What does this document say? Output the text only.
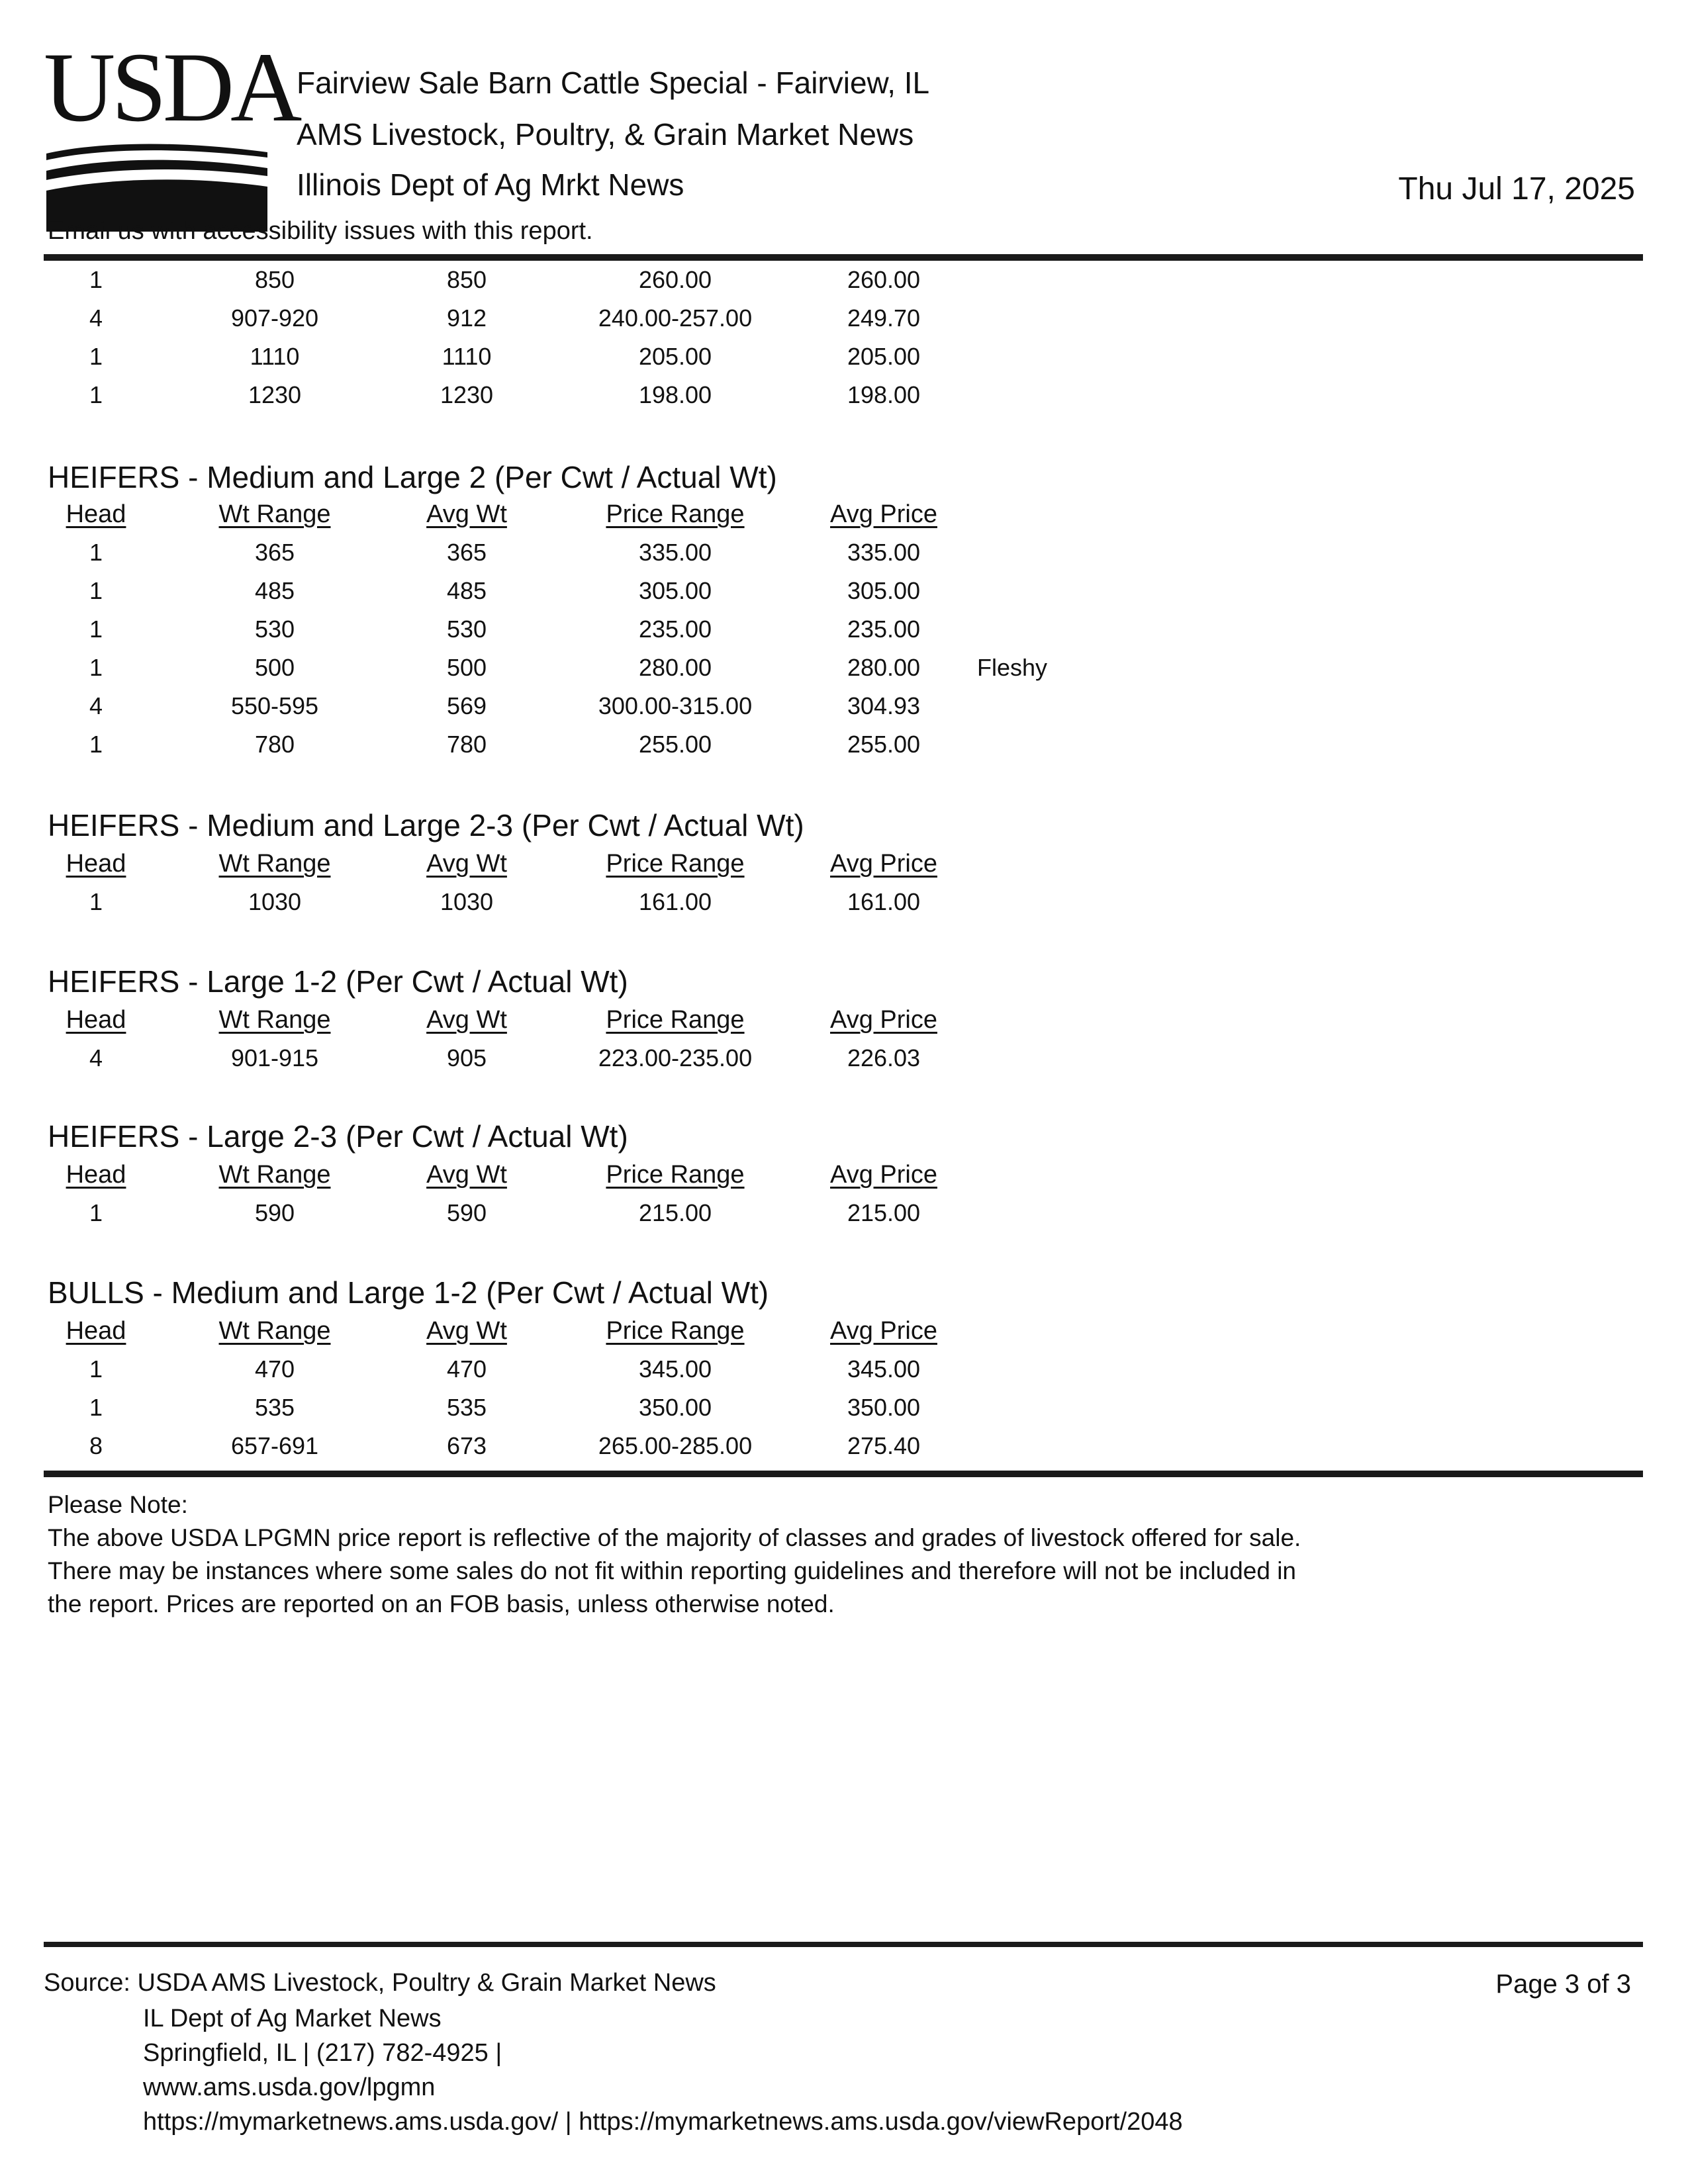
USDA
Fairview Sale Barn Cattle Special - Fairview, IL
AMS Livestock, Poultry, & Grain Market News
Illinois Dept of Ag Mrkt News	Thu Jul 17, 2025
Email us with accessibility issues with this report.
1	850	850	260.00	260.00
4	907-920	912	240.00-257.00	249.70
1	1110	1110	205.00	205.00
1	1230	1230	198.00	198.00
HEIFERS - Medium and Large 2 (Per Cwt / Actual Wt)
Head	Wt Range	Avg Wt	Price Range	Avg Price
1	365	365	335.00	335.00
1	485	485	305.00	305.00
1	530	530	235.00	235.00
1	500	500	280.00	280.00	Fleshy
4	550-595	569	300.00-315.00	304.93
1	780	780	255.00	255.00
HEIFERS - Medium and Large 2-3 (Per Cwt / Actual Wt)
Head	Wt Range	Avg Wt	Price Range	Avg Price
1	1030	1030	161.00	161.00
HEIFERS - Large 1-2 (Per Cwt / Actual Wt)
Head	Wt Range	Avg Wt	Price Range	Avg Price
4	901-915	905	223.00-235.00	226.03
HEIFERS - Large 2-3 (Per Cwt / Actual Wt)
Head	Wt Range	Avg Wt	Price Range	Avg Price
1	590	590	215.00	215.00
BULLS - Medium and Large 1-2 (Per Cwt / Actual Wt)
Head	Wt Range	Avg Wt	Price Range	Avg Price
1	470	470	345.00	345.00
1	535	535	350.00	350.00
8	657-691	673	265.00-285.00	275.40
Please Note:
The above USDA LPGMN price report is reflective of the majority of classes and grades of livestock offered for sale.
There may be instances where some sales do not fit within reporting guidelines and therefore will not be included in
the report. Prices are reported on an FOB basis, unless otherwise noted.
Source: USDA AMS Livestock, Poultry & Grain Market News
IL Dept of Ag Market News
Springfield, IL | (217) 782-4925 |
www.ams.usda.gov/lpgmn
https://mymarketnews.ams.usda.gov/ | https://mymarketnews.ams.usda.gov/viewReport/2048
Page 3 of 3
